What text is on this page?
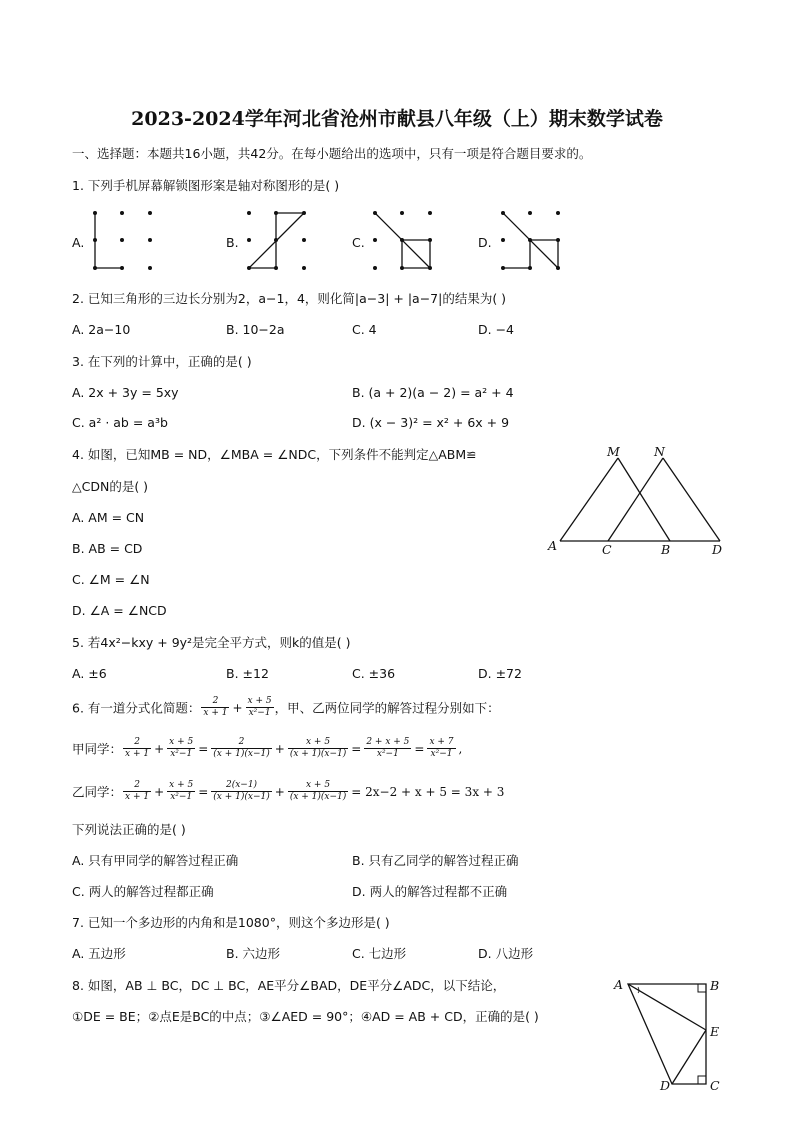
2023-2024学年河北省沧州市献县八年级（上）期末数学试卷
一、选择题：本题共16小题，共42分。在每小题给出的选项中，只有一项是符合题目要求的。
1. 下列手机屏幕解锁图形案是轴对称图形的是( )
A.	B.	C.	D.
2. 已知三角形的三边长分别为2，a−1，4，则化简|a−3| + |a−7|的结果为( )
A. 2a−10	B. 10−2a	C. 4	D. −4
3. 在下列的计算中，正确的是( )
A. 2x + 3y = 5xy	B. (a + 2)(a − 2) = a² + 4
C. a² · ab = a³b	D. (x − 3)² = x² + 6x + 9
4. 如图，已知MB = ND，∠MBA = ∠NDC，下列条件不能判定△ABM≌
△CDN的是( )
A. AM = CN
B. AB = CD
C. ∠M = ∠N
D. ∠A = ∠NCD
M	N
A	C	B	D
5. 若4x²−kxy + 9y²是完全平方式，则k的值是( )
A. ±6	B. ±12	C. ±36	D. ±72
6. 有一道分式化简题： $\frac{2}{x + 1} + \frac{x + 5}{\text{x²−1}}$ ，甲、乙两位同学的解答过程分别如下：
甲同学： $\frac{2}{x + 1} + \frac{x + 5}{\text{x²−1}} = \frac{2}{(x + 1)(x-1)} + \frac{x + 5}{(x + 1)(x-1)} = \frac{2 + x + 5}{\text{x²−1}} = \frac{x + 7}{\text{x²−1}}$ ,
乙同学： $\frac{2}{x + 1} + \frac{x + 5}{\text{x²−1}} = \frac{2(x-1)}{(x + 1)(x-1)} + \frac{x + 5}{(x + 1)(x-1)} = 2x-2 + x + 5 = 3x + 3$
下列说法正确的是( )
A. 只有甲同学的解答过程正确	B. 只有乙同学的解答过程正确
C. 两人的解答过程都正确	D. 两人的解答过程都不正确
7. 已知一个多边形的内角和是1080°，则这个多边形是( )
A. 五边形	B. 六边形	C. 七边形	D. 八边形
8. 如图，AB ⊥ BC，DC ⊥ BC，AE平分∠BAD，DE平分∠ADC，以下结论，
①DE = BE；②点E是BC的中点；③∠AED = 90°；④AD = AB + CD，正确的是( )
A	B
E
D	C
